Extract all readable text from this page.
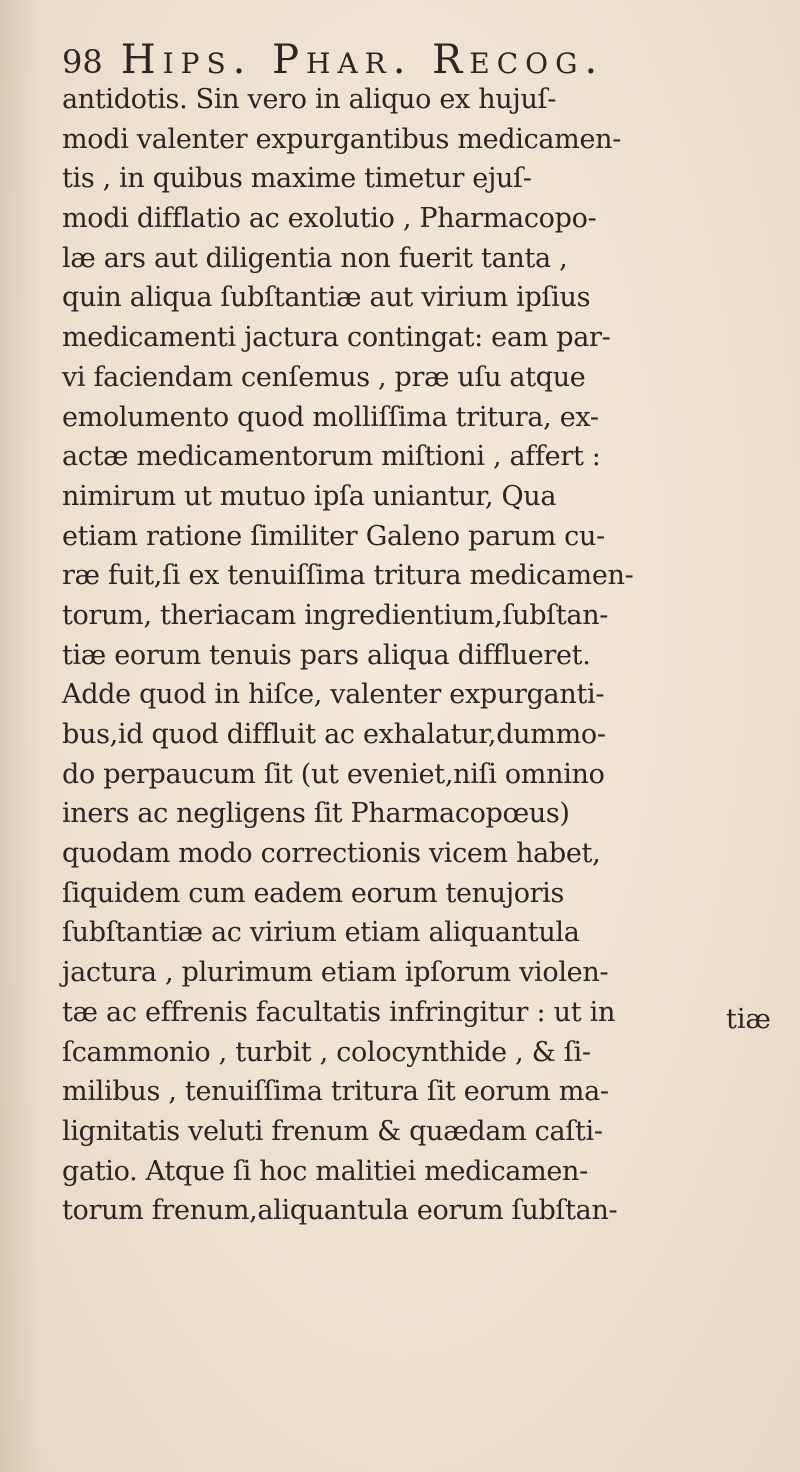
98 Hips. Phar. Recog.
antidotis. Sin vero in aliquo ex hujuſ-
modi valenter expurgantibus medicamen-
tis , in quibus maxime timetur ejuſ-
modi difflatio ac exolutio , Pharmacopo-
læ ars aut diligentia non fuerit tanta ,
quin aliqua ſubſtantiæ aut virium ipſius
medicamenti jactura contingat: eam par-
vi faciendam cenſemus , præ uſu atque
emolumento quod molliſſima tritura, ex-
actæ medicamentorum miſtioni , affert :
nimirum ut mutuo ipſa uniantur, Qua
etiam ratione ſimiliter Galeno parum cu-
ræ fuit,ſi ex tenuiſſima tritura medicamen-
torum, theriacam ingredientium,ſubſtan-
tiæ eorum tenuis pars aliqua difflueret.
Adde quod in hiſce, valenter expurganti-
bus,id quod diffluit ac exhalatur,dummo-
do perpaucum ſit (ut eveniet,niſi omnino
iners ac negligens ſit Pharmacopœus)
quodam modo correctionis vicem habet,
ſiquidem cum eadem eorum tenujoris
ſubſtantiæ ac virium etiam aliquantula
jactura , plurimum etiam ipſorum violen-
tæ ac effrenis facultatis infringitur : ut in
ſcammonio , turbit , colocynthide , & ſi-
milibus , tenuiſſima tritura ſit eorum ma-
lignitatis veluti frenum & quædam caſti-
gatio. Atque ſi hoc malitiei medicamen-
torum frenum,aliquantula eorum ſubſtan-
tiæ
